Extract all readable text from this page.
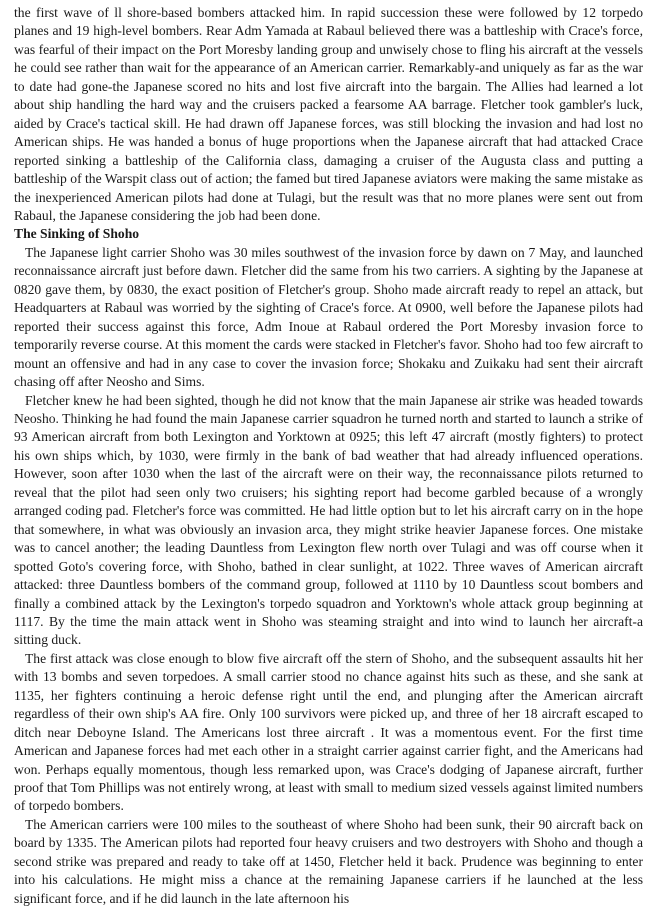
the first wave of ll shore-based bombers attacked him. In rapid succession these were followed by 12 torpedo planes and 19 high-level bombers. Rear Adm Yamada at Rabaul believed there was a battleship with Crace's force, was fearful of their impact on the Port Moresby landing group and unwisely chose to fling his aircraft at the vessels he could see rather than wait for the appearance of an American carrier. Remarkably-and uniquely as far as the war to date had gone-the Japanese scored no hits and lost five aircraft into the bargain. The Allies had learned a lot about ship handling the hard way and the cruisers packed a fearsome AA barrage. Fletcher took gambler's luck, aided by Crace's tactical skill. He had drawn off Japanese forces, was still blocking the invasion and had lost no American ships. He was handed a bonus of huge proportions when the Japanese aircraft that had attacked Crace reported sinking a battleship of the California class, damaging a cruiser of the Augusta class and putting a battleship of the Warspit class out of action; the famed but tired Japanese aviators were making the same mistake as the inexperienced American pilots had done at Tulagi, but the result was that no more planes were sent out from Rabaul, the Japanese considering the job had been done.

The Sinking of Shoho

The Japanese light carrier Shoho was 30 miles southwest of the invasion force by dawn on 7 May, and launched reconnaissance aircraft just before dawn. Fletcher did the same from his two carriers. A sighting by the Japanese at 0820 gave them, by 0830, the exact position of Fletcher's group. Shoho made aircraft ready to repel an attack, but Headquarters at Rabaul was worried by the sighting of Crace's force. At 0900, well before the Japanese pilots had reported their success against this force, Adm Inoue at Rabaul ordered the Port Moresby invasion force to temporarily reverse course. At this moment the cards were stacked in Fletcher's favor. Shoho had too few aircraft to mount an offensive and had in any case to cover the invasion force; Shokaku and Zuikaku had sent their aircraft chasing off after Neosho and Sims.

Fletcher knew he had been sighted, though he did not know that the main Japanese air strike was headed towards Neosho. Thinking he had found the main Japanese carrier squadron he turned north and started to launch a strike of 93 American aircraft from both Lexington and Yorktown at 0925; this left 47 aircraft (mostly fighters) to protect his own ships which, by 1030, were firmly in the bank of bad weather that had already influenced operations. However, soon after 1030 when the last of the aircraft were on their way, the reconnaissance pilots returned to reveal that the pilot had seen only two cruisers; his sighting report had become garbled because of a wrongly arranged coding pad. Fletcher's force was committed. He had little option but to let his aircraft carry on in the hope that somewhere, in what was obviously an invasion arca, they might strike heavier Japanese forces. One mistake was to cancel another; the leading Dauntless from Lexington flew north over Tulagi and was off course when it spotted Goto's covering force, with Shoho, bathed in clear sunlight, at 1022. Three waves of American aircraft attacked: three Dauntless bombers of the command group, followed at 1110 by 10 Dauntless scout bombers and finally a combined attack by the Lexington's torpedo squadron and Yorktown's whole attack group beginning at 1117. By the time the main attack went in Shoho was steaming straight and into wind to launch her aircraft-a sitting duck.

The first attack was close enough to blow five aircraft off the stern of Shoho, and the subsequent assaults hit her with 13 bombs and seven torpedoes. A small carrier stood no chance against hits such as these, and she sank at 1135, her fighters continuing a heroic defense right until the end, and plunging after the American aircraft regardless of their own ship's AA fire. Only 100 survivors were picked up, and three of her 18 aircraft escaped to ditch near Deboyne Island. The Americans lost three aircraft . It was a momentous event. For the first time American and Japanese forces had met each other in a straight carrier against carrier fight, and the Americans had won. Perhaps equally momentous, though less remarked upon, was Crace's dodging of Japanese aircraft, further proof that Tom Phillips was not entirely wrong, at least with small to medium sized vessels against limited numbers of torpedo bombers.

The American carriers were 100 miles to the southeast of where Shoho had been sunk, their 90 aircraft back on board by 1335. The American pilots had reported four heavy cruisers and two destroyers with Shoho and though a second strike was prepared and ready to take off at 1450, Fletcher held it back. Prudence was beginning to enter into his calculations. He might miss a chance at the remaining Japanese carriers if he launched at the less significant force, and if he did launch in the late afternoon his
